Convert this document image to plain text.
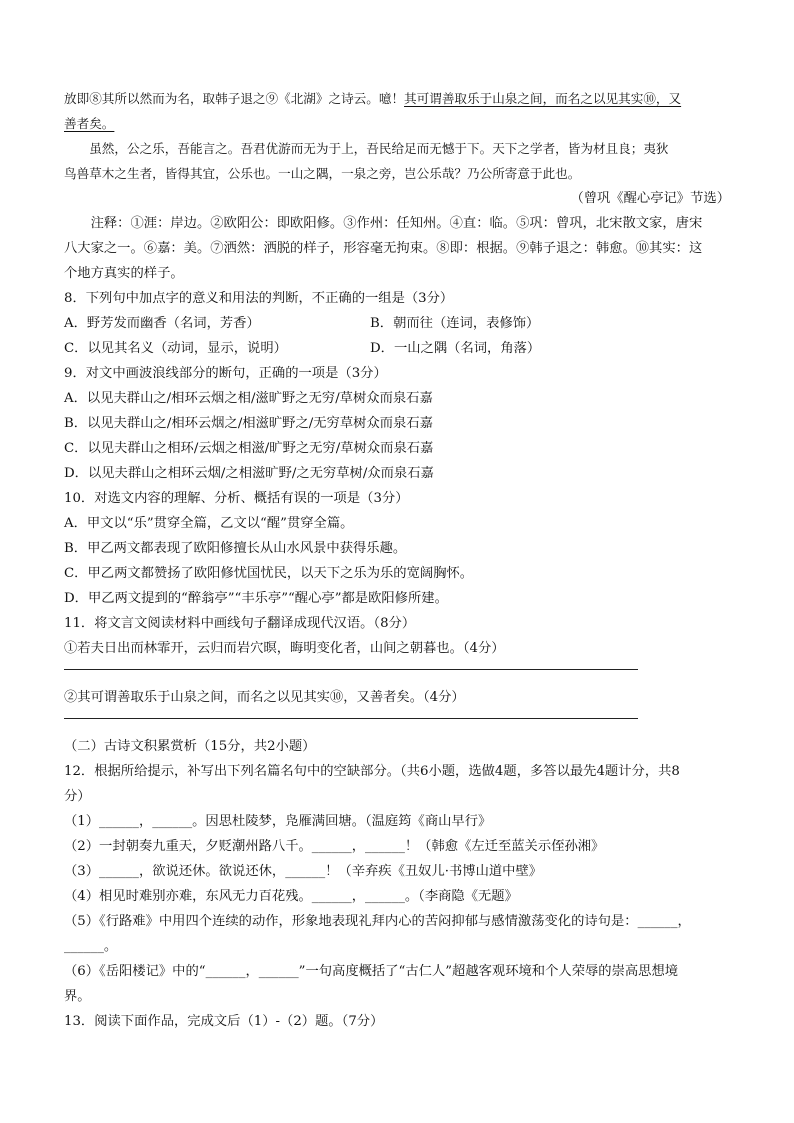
放即⑧其所以然而为名，取韩子退之⑨《北湖》之诗云。噫！其可谓善取乐于山泉之间，而名之以见其实⑩，又

善者矣。

虽然，公之乐，吾能言之。吾君优游而无为于上，吾民给足而无憾于下。天下之学者，皆为材且良；夷狄

鸟兽草木之生者，皆得其宜，公乐也。一山之隅，一泉之旁，岂公乐哉？乃公所寄意于此也。

（曾巩《醒心亭记》节选）

注释：①涯：岸边。②欧阳公：即欧阳修。③作州：任知州。④直：临。⑤巩：曾巩，北宋散文家，唐宋

八大家之一。⑥嘉：美。⑦洒然：洒脱的样子，形容毫无拘束。⑧即：根据。⑨韩子退之：韩愈。⑩其实：这

个地方真实的样子。

8．下列句中加点字的意义和用法的判断，不正确的一组是（3分）

A．野芳发而幽香（名词，芳香）	B．朝而往（连词，表修饰）
C．以见其名义（动词，显示，说明）	D．一山之隅（名词，角落）

9．对文中画波浪线部分的断句，正确的一项是（3分）

A．以见夫群山之/相环云烟之相/滋旷野之无穷/草树众而泉石嘉

B．以见夫群山之/相环云烟之/相滋旷野之/无穷草树众而泉石嘉

C．以见夫群山之相环/云烟之相滋/旷野之无穷/草树众而泉石嘉

D．以见夫群山之相环云烟/之相滋旷野/之无穷草树/众而泉石嘉

10．对选文内容的理解、分析、概括有误的一项是（3分）

A．甲文以“乐”贯穿全篇，乙文以“醒”贯穿全篇。

B．甲乙两文都表现了欧阳修擅长从山水风景中获得乐趣。

C．甲乙两文都赞扬了欧阳修忧国忧民，以天下之乐为乐的宽阔胸怀。

D．甲乙两文提到的“醉翁亭”“丰乐亭”“醒心亭”都是欧阳修所建。

11．将文言文阅读材料中画线句子翻译成现代汉语。（8分）

①若夫日出而林霏开，云归而岩穴暝，晦明变化者，山间之朝暮也。（4分）

②其可谓善取乐于山泉之间，而名之以见其实⑩，又善者矣。（4分）

（二）古诗文积累赏析（15分，共2小题）

12．根据所给提示，补写出下列名篇名句中的空缺部分。（共6小题，选做4题，多答以最先4题计分，共8

分）

（1）______，______。因思杜陵梦，凫雁满回塘。（温庭筠《商山早行》

（2）一封朝奏九重天，夕贬潮州路八千。______，______！（韩愈《左迁至蓝关示侄孙湘》

（3）______，欲说还休。欲说还休，______！（辛弃疾《丑奴儿·书博山道中壁》

（4）相见时难别亦难，东风无力百花残。______，______。（李商隐《无题》

（5）《行路难》中用四个连续的动作，形象地表现礼拜内心的苦闷抑郁与感情激荡变化的诗句是：______，

______。

（6）《岳阳楼记》中的“______，______”一句高度概括了“古仁人”超越客观环境和个人荣辱的崇高思想境

界。

13．阅读下面作品，完成文后（1）-（2）题。（7分）
